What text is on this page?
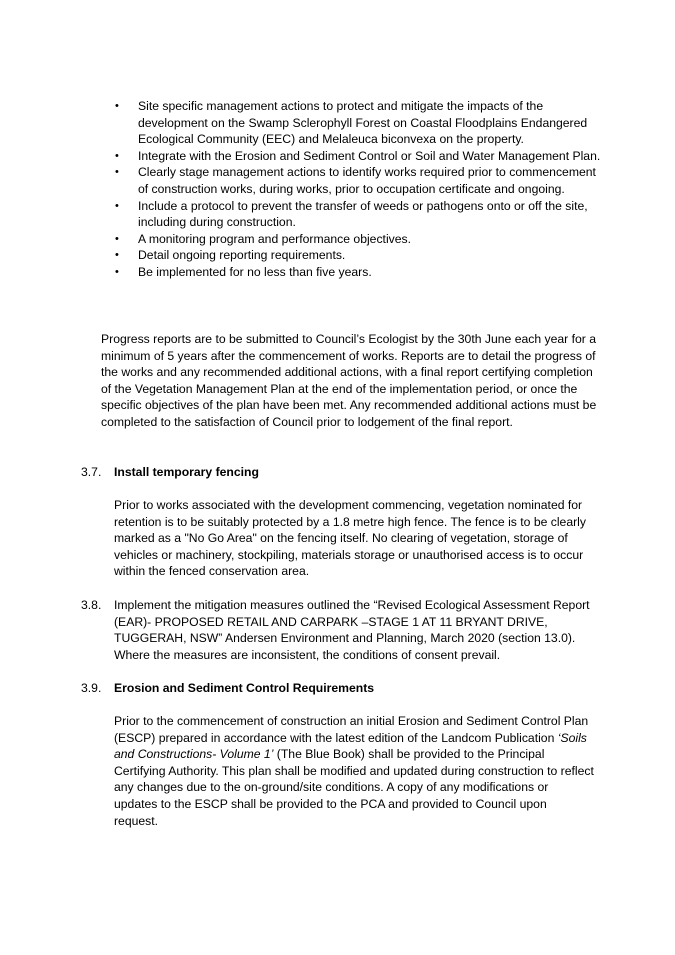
• Site specific management actions to protect and mitigate the impacts of the development on the Swamp Sclerophyll Forest on Coastal Floodplains Endangered Ecological Community (EEC) and Melaleuca biconvexa on the property.
• Integrate with the Erosion and Sediment Control or Soil and Water Management Plan.
• Clearly stage management actions to identify works required prior to commencement of construction works, during works, prior to occupation certificate and ongoing.
• Include a protocol to prevent the transfer of weeds or pathogens onto or off the site, including during construction.
• A monitoring program and performance objectives.
• Detail ongoing reporting requirements.
• Be implemented for no less than five years.

Progress reports are to be submitted to Council’s Ecologist by the 30th June each year for a minimum of 5 years after the commencement of works. Reports are to detail the progress of the works and any recommended additional actions, with a final report certifying completion of the Vegetation Management Plan at the end of the implementation period, or once the specific objectives of the plan have been met. Any recommended additional actions must be completed to the satisfaction of Council prior to lodgement of the final report.

3.7.	Install temporary fencing

Prior to works associated with the development commencing, vegetation nominated for retention is to be suitably protected by a 1.8 metre high fence. The fence is to be clearly marked as a "No Go Area" on the fencing itself. No clearing of vegetation, storage of vehicles or machinery, stockpiling, materials storage or unauthorised access is to occur within the fenced conservation area.

3.8.	Implement the mitigation measures outlined the “Revised Ecological Assessment Report (EAR)- PROPOSED RETAIL AND CARPARK –STAGE 1 AT 11 BRYANT DRIVE, TUGGERAH, NSW” Andersen Environment and Planning, March 2020 (section 13.0). Where the measures are inconsistent, the conditions of consent prevail.

3.9.	Erosion and Sediment Control Requirements

Prior to the commencement of construction an initial Erosion and Sediment Control Plan (ESCP) prepared in accordance with the latest edition of the Landcom Publication ‘Soils and Constructions- Volume 1’ (The Blue Book) shall be provided to the Principal Certifying Authority. This plan shall be modified and updated during construction to reflect any changes due to the on-ground/site conditions. A copy of any modifications or updates to the ESCP shall be provided to the PCA and provided to Council upon request.
